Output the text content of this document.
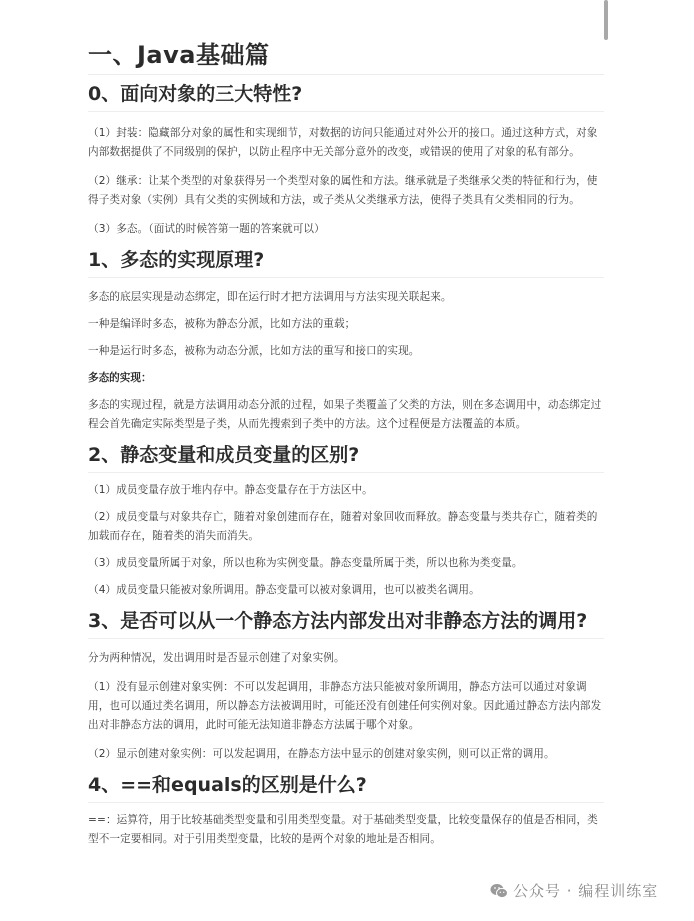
一、Java基础篇
0、面向对象的三大特性?

（1）封装：隐藏部分对象的属性和实现细节，对数据的访问只能通过对外公开的接口。通过这种方式，对象内部数据提供了不同级别的保护，以防止程序中无关部分意外的改变，或错误的使用了对象的私有部分。

（2）继承：让某个类型的对象获得另一个类型对象的属性和方法。继承就是子类继承父类的特征和行为，使得子类对象（实例）具有父类的实例域和方法，或子类从父类继承方法，使得子类具有父类相同的行为。

（3）多态。（面试的时候答第一题的答案就可以）

1、多态的实现原理?

多态的底层实现是动态绑定，即在运行时才把方法调用与方法实现关联起来。

一种是编译时多态，被称为静态分派，比如方法的重载；

一种是运行时多态，被称为动态分派，比如方法的重写和接口的实现。

多态的实现：

多态的实现过程，就是方法调用动态分派的过程，如果子类覆盖了父类的方法，则在多态调用中，动态绑定过程会首先确定实际类型是子类，从而先搜索到子类中的方法。这个过程便是方法覆盖的本质。

2、静态变量和成员变量的区别?

（1）成员变量存放于堆内存中。静态变量存在于方法区中。

（2）成员变量与对象共存亡，随着对象创建而存在，随着对象回收而释放。静态变量与类共存亡，随着类的加载而存在，随着类的消失而消失。

（3）成员变量所属于对象，所以也称为实例变量。静态变量所属于类，所以也称为类变量。

（4）成员变量只能被对象所调用。静态变量可以被对象调用，也可以被类名调用。

3、是否可以从一个静态方法内部发出对非静态方法的调用?

分为两种情况，发出调用时是否显示创建了对象实例。

（1）没有显示创建对象实例：不可以发起调用，非静态方法只能被对象所调用，静态方法可以通过对象调用，也可以通过类名调用，所以静态方法被调用时，可能还没有创建任何实例对象。因此通过静态方法内部发出对非静态方法的调用，此时可能无法知道非静态方法属于哪个对象。

（2）显示创建对象实例：可以发起调用，在静态方法中显示的创建对象实例，则可以正常的调用。

4、==和equals的区别是什么?

==：运算符，用于比较基础类型变量和引用类型变量。对于基础类型变量，比较变量保存的值是否相同，类型不一定要相同。对于引用类型变量，比较的是两个对象的地址是否相同。

公众号 · 编程训练室
